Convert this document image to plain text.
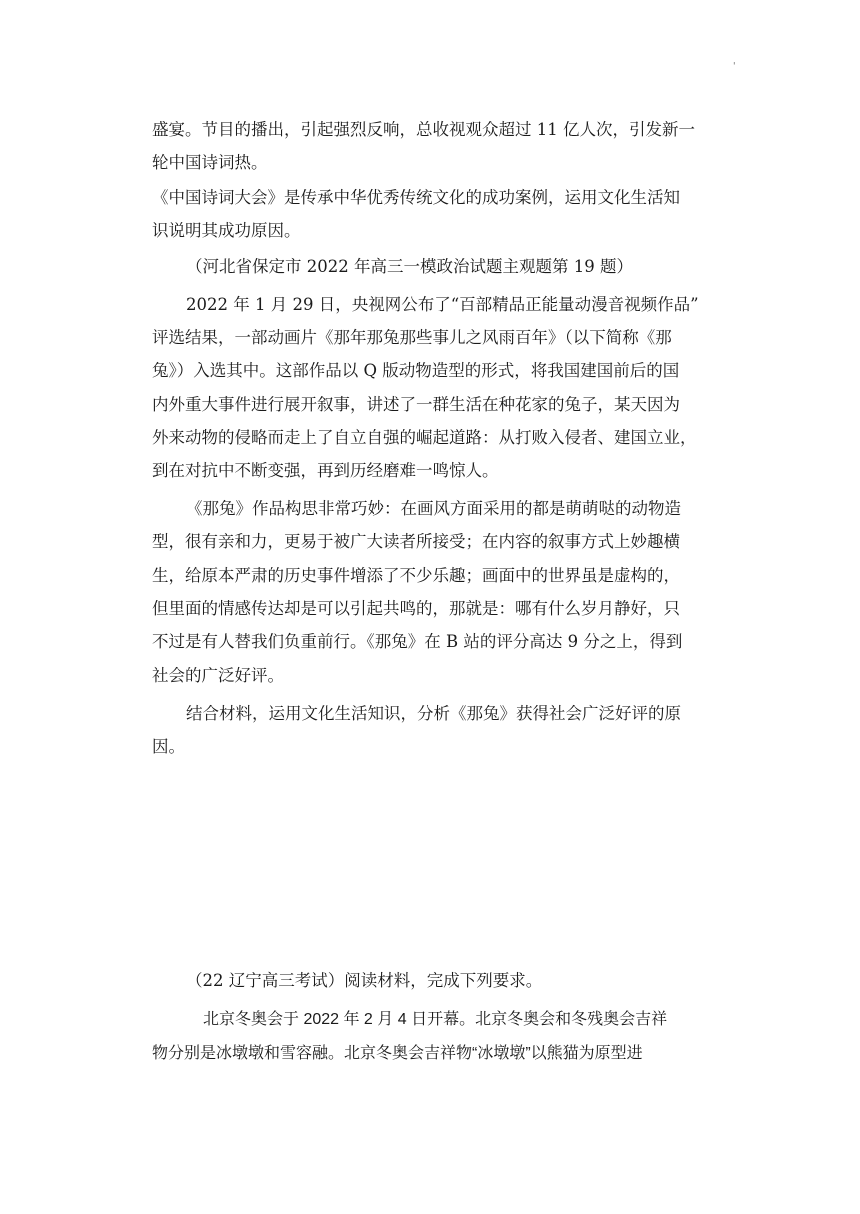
'
盛宴。节目的播出，引起强烈反响，总收视观众超过 11 亿人次，引发新一
轮中国诗词热。
《中国诗词大会》是传承中华优秀传统文化的成功案例，运用文化生活知
识说明其成功原因。
（河北省保定市 2022 年高三一模政治试题主观题第 19 题）
2022 年 1 月 29 日，央视网公布了“百部精品正能量动漫音视频作品”
评选结果，一部动画片《那年那兔那些事儿之风雨百年》（以下简称《那
兔》）入选其中。这部作品以 Q 版动物造型的形式，将我国建国前后的国
内外重大事件进行展开叙事，讲述了一群生活在种花家的兔子，某天因为
外来动物的侵略而走上了自立自强的崛起道路：从打败入侵者、建国立业，
到在对抗中不断变强，再到历经磨难一鸣惊人。
《那兔》作品构思非常巧妙：在画风方面采用的都是萌萌哒的动物造
型，很有亲和力，更易于被广大读者所接受；在内容的叙事方式上妙趣横
生，给原本严肃的历史事件增添了不少乐趣；画面中的世界虽是虚构的，
但里面的情感传达却是可以引起共鸣的，那就是：哪有什么岁月静好，只
不过是有人替我们负重前行。《那兔》在 B 站的评分高达 9 分之上，得到
社会的广泛好评。
结合材料，运用文化生活知识，分析《那兔》获得社会广泛好评的原
因。
（22 辽宁高三考试）阅读材料，完成下列要求。
北京冬奥会于 2022 年 2 月 4 日开幕。北京冬奥会和冬残奥会吉祥
物分别是冰墩墩和雪容融。北京冬奥会吉祥物“冰墩墩”以熊猫为原型进
